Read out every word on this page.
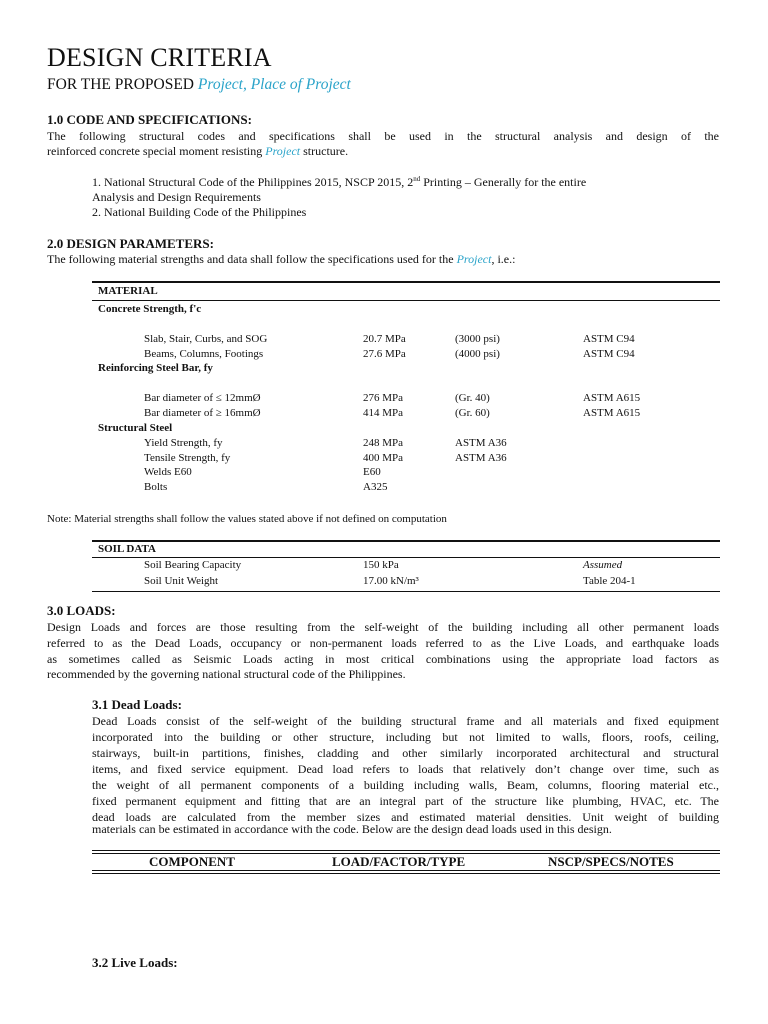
DESIGN CRITERIA
FOR THE PROPOSED Project, Place of Project
1.0 CODE AND SPECIFICATIONS:
The following structural codes and specifications shall be used in the structural analysis and design of the
reinforced concrete special moment resisting Project structure.
1. National Structural Code of the Philippines 2015, NSCP 2015, 2nd Printing – Generally for the entire
Analysis and Design Requirements
2. National Building Code of the Philippines
2.0 DESIGN PARAMETERS:
The following material strengths and data shall follow the specifications used for the Project, i.e.:
MATERIAL
Concrete Strength, f'c
Slab, Stair, Curbs, and SOG	20.7 MPa	(3000 psi)	ASTM C94
Beams, Columns, Footings	27.6 MPa	(4000 psi)	ASTM C94
Reinforcing Steel Bar, fy
Bar diameter of ≤ 12mmØ	276 MPa	(Gr. 40)	ASTM A615
Bar diameter of ≥ 16mmØ	414 MPa	(Gr. 60)	ASTM A615
Structural Steel
Yield Strength, fy	248 MPa	ASTM A36
Tensile Strength, fy	400 MPa	ASTM A36
Welds E60	E60
Bolts	A325
Note: Material strengths shall follow the values stated above if not defined on computation
SOIL DATA
Soil Bearing Capacity	150 kPa	Assumed
Soil Unit Weight	17.00 kN/m³	Table 204-1
3.0 LOADS:
Design Loads and forces are those resulting from the self-weight of the building including all other permanent loads
referred to as the Dead Loads, occupancy or non-permanent loads referred to as the Live Loads, and earthquake loads
as sometimes called as Seismic Loads acting in most critical combinations using the appropriate load factors as
recommended by the governing national structural code of the Philippines.
3.1 Dead Loads:
Dead Loads consist of the self-weight of the building structural frame and all materials and fixed equipment
incorporated into the building or other structure, including but not limited to walls, floors, roofs, ceiling,
stairways, built-in partitions, finishes, cladding and other similarly incorporated architectural and structural
items, and fixed service equipment. Dead load refers to loads that relatively don’t change over time, such as
the weight of all permanent components of a building including walls, Beam, columns, flooring material etc.,
fixed permanent equipment and fitting that are an integral part of the structure like plumbing, HVAC, etc. The
dead loads are calculated from the member sizes and estimated material densities. Unit weight of building
materials can be estimated in accordance with the code. Below are the design dead loads used in this design.
COMPONENT	LOAD/FACTOR/TYPE	NSCP/SPECS/NOTES
3.2 Live Loads:
